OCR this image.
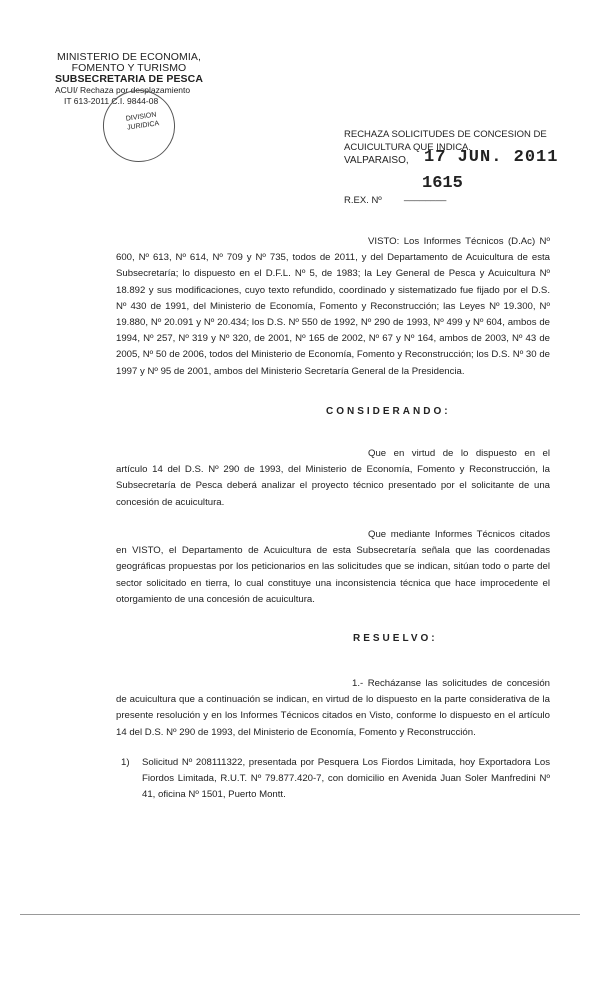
MINISTERIO DE ECONOMIA,
FOMENTO Y TURISMO
SUBSECRETARIA DE PESCA
ACUI/ Rechaza por desplazamiento
IT 613-2011 C.I. 9844-08
DIVISION
JURIDICA
RECHAZA SOLICITUDES DE CONCESION DE
ACUICULTURA QUE INDICA.
VALPARAISO, 17 JUN. 2011
1615
R.EX. Nº ________
VISTO: Los Informes Técnicos (D.Ac) Nº 600, Nº 613, Nº 614, Nº 709 y Nº 735, todos de 2011, y del Departamento de Acuicultura de esta Subsecretaría; lo dispuesto en el D.F.L. Nº 5, de 1983; la Ley General de Pesca y Acuicultura Nº 18.892 y sus modificaciones, cuyo texto refundido, coordinado y sistematizado fue fijado por el D.S. Nº 430 de 1991, del Ministerio de Economía, Fomento y Reconstrucción; las Leyes Nº 19.300, Nº 19.880, Nº 20.091 y Nº 20.434; los D.S. Nº 550 de 1992, Nº 290 de 1993, Nº 499 y Nº 604, ambos de 1994, Nº 257, Nº 319 y Nº 320, de 2001, Nº 165 de 2002, Nº 67 y Nº 164, ambos de 2003, Nº 43 de 2005, Nº 50 de 2006, todos del Ministerio de Economía, Fomento y Reconstrucción; los D.S. Nº 30 de 1997 y Nº 95 de 2001, ambos del Ministerio Secretaría General de la Presidencia.
CONSIDERANDO:
Que en virtud de lo dispuesto en el artículo 14 del D.S. Nº 290 de 1993, del Ministerio de Economía, Fomento y Reconstrucción, la Subsecretaría de Pesca deberá analizar el proyecto técnico presentado por el solicitante de una concesión de acuicultura.
Que mediante Informes Técnicos citados en VISTO, el Departamento de Acuicultura de esta Subsecretaría señala que las coordenadas geográficas propuestas por los peticionarios en las solicitudes que se indican, sitúan todo o parte del sector solicitado en tierra, lo cual constituye una inconsistencia técnica que hace improcedente el otorgamiento de una concesión de acuicultura.
RESUELVO:
1.- Recházanse las solicitudes de concesión de acuicultura que a continuación se indican, en virtud de lo dispuesto en la parte considerativa de la presente resolución y en los Informes Técnicos citados en Visto, conforme lo dispuesto en el artículo 14 del D.S. Nº 290 de 1993, del Ministerio de Economía, Fomento y Reconstrucción.
1) Solicitud Nº 208111322, presentada por Pesquera Los Fiordos Limitada, hoy Exportadora Los Fiordos Limitada, R.U.T. Nº 79.877.420-7, con domicilio en Avenida Juan Soler Manfredini Nº 41, oficina Nº 1501, Puerto Montt.
